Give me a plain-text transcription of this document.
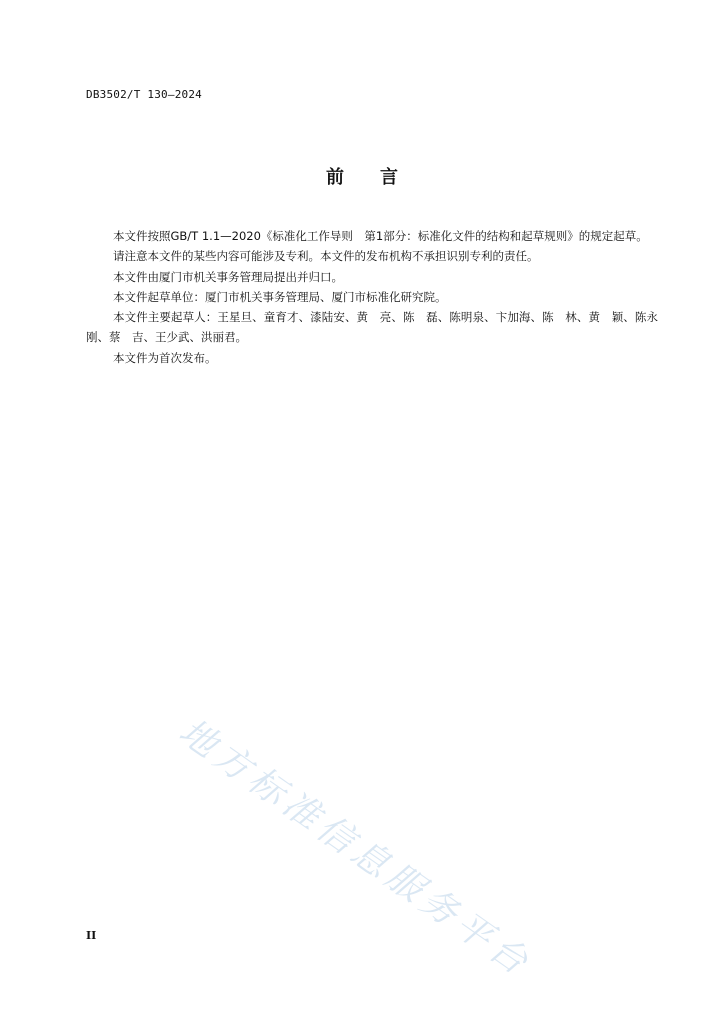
DB3502/T 130—2024
前 言

本文件按照GB/T 1.1—2020《标准化工作导则　第1部分：标准化文件的结构和起草规则》的规定起草。

请注意本文件的某些内容可能涉及专利。本文件的发布机构不承担识别专利的责任。

本文件由厦门市机关事务管理局提出并归口。

本文件起草单位：厦门市机关事务管理局、厦门市标准化研究院。

本文件主要起草人：王星旦、童育才、漆陆安、黄　亮、陈　磊、陈明泉、卞加海、陈　林、黄　颖、陈永刚、蔡　吉、王少武、洪丽君。

本文件为首次发布。

地方标准信息服务平台
II
